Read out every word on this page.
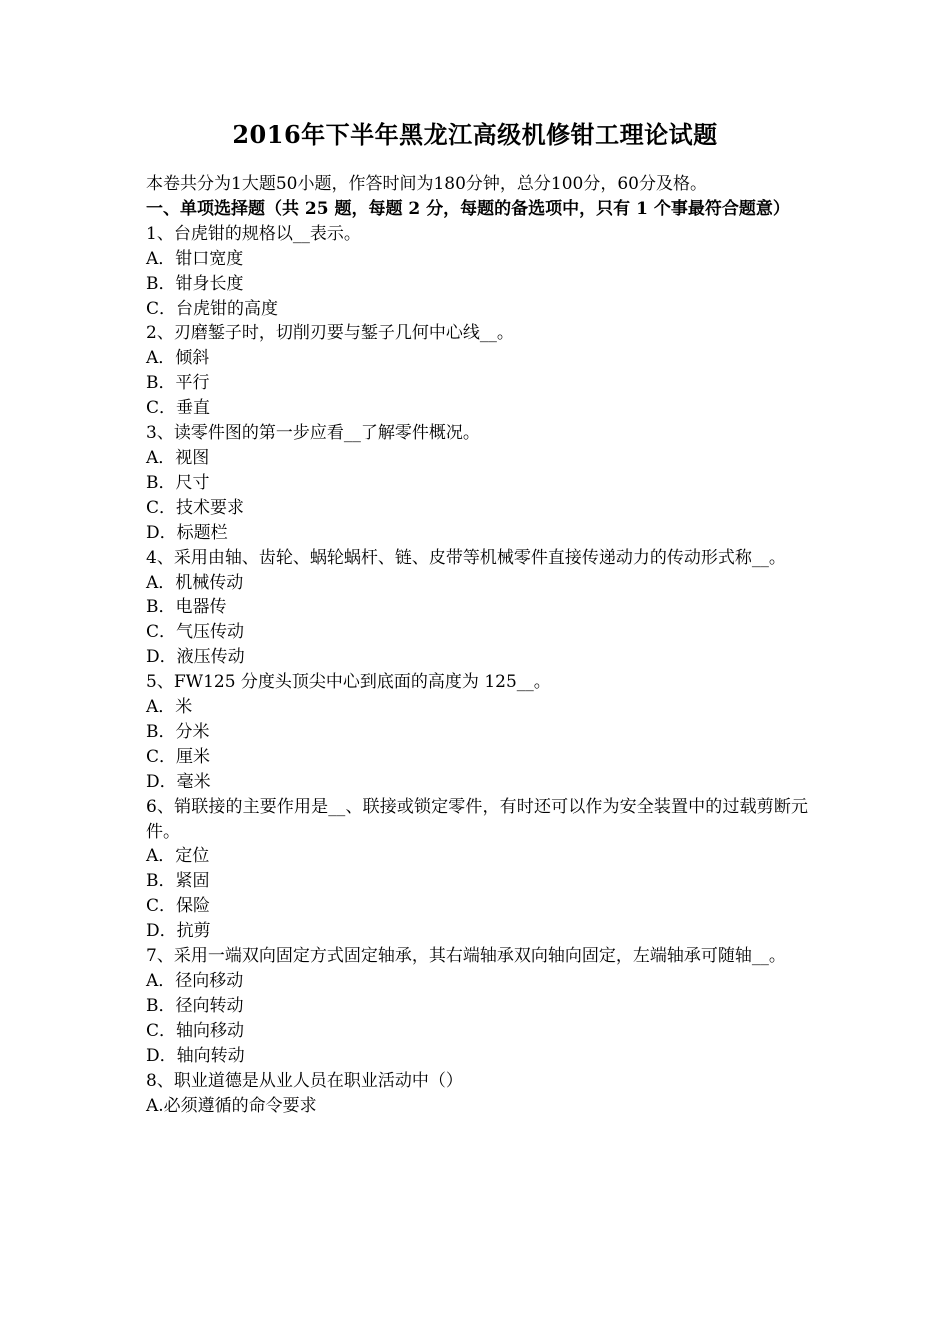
2016年下半年黑龙江高级机修钳工理论试题
本卷共分为1大题50小题，作答时间为180分钟，总分100分，60分及格。
一、单项选择题（共 25 题，每题 2 分，每题的备选项中，只有 1 个事最符合题意）
1、台虎钳的规格以__表示。
A．钳口宽度
B．钳身长度
C．台虎钳的高度
2、刃磨錾子时，切削刃要与錾子几何中心线__。
A．倾斜
B．平行
C．垂直
3、读零件图的第一步应看__了解零件概况。
A．视图
B．尺寸
C．技术要求
D．标题栏
4、采用由轴、齿轮、蜗轮蜗杆、链、皮带等机械零件直接传递动力的传动形式称__。
A．机械传动
B．电器传
C．气压传动
D．液压传动
5、FW125 分度头顶尖中心到底面的高度为 125__。
A．米
B．分米
C．厘米
D．毫米
6、销联接的主要作用是__、联接或锁定零件，有时还可以作为安全装置中的过载剪断元件。
A．定位
B．紧固
C．保险
D．抗剪
7、采用一端双向固定方式固定轴承，其右端轴承双向轴向固定，左端轴承可随轴__。
A．径向移动
B．径向转动
C．轴向移动
D．轴向转动
8、职业道德是从业人员在职业活动中（）
A.必须遵循的命令要求
